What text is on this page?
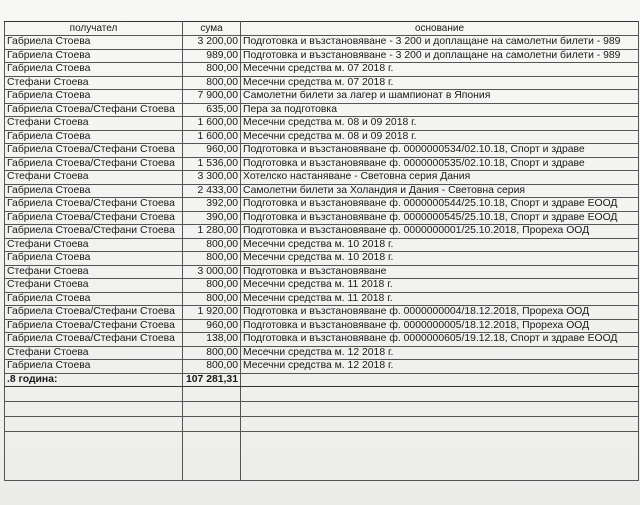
получател	сума	основание
Габриела Стоева	3 200,00	Подготовка и възстановяване - 3 200 и доплащане на самолетни билети - 989
Габриела Стоева	989,00	Подготовка и възстановяване - 3 200 и доплащане на самолетни билети - 989
Габриела Стоева	800,00	Месечни средства м. 07 2018 г.
Стефани Стоева	800,00	Месечни средства м. 07 2018 г.
Габриела Стоева	7 900,00	Самолетни билети за лагер и шампионат в Япония
Габриела Стоева/Стефани Стоева	635,00	Пера за подготовка
Стефани Стоева	1 600,00	Месечни средства м. 08 и 09 2018 г.
Габриела Стоева	1 600,00	Месечни средства м. 08 и 09 2018 г.
Габриела Стоева/Стефани Стоева	960,00	Подготовка и възстановяване ф. 0000000534/02.10.18, Спорт и здраве
Габриела Стоева/Стефани Стоева	1 536,00	Подготовка и възстановяване ф. 0000000535/02.10.18, Спорт и здраве
Стефани Стоева	3 300,00	Хотелско настаняване - Световна серия Дания
Габриела Стоева	2 433,00	Самолетни билети за Холандия и Дания - Световна серия
Габриела Стоева/Стефани Стоева	392,00	Подготовка и възстановяване ф. 0000000544/25.10.18, Спорт и здраве ЕООД
Габриела Стоева/Стефани Стоева	390,00	Подготовка и възстановяване ф. 0000000545/25.10.18, Спорт и здраве ЕООД
Габриела Стоева/Стефани Стоева	1 280,00	Подготовка и възстановяване ф. 0000000001/25.10.2018, Прореха ООД
Стефани Стоева	800,00	Месечни средства м. 10 2018 г.
Габриела Стоева	800,00	Месечни средства м. 10 2018 г.
Стефани Стоева	3 000,00	Подготовка и възстановяване
Стефани Стоева	800,00	Месечни средства м. 11 2018 г.
Габриела Стоева	800,00	Месечни средства м. 11 2018 г.
Габриела Стоева/Стефани Стоева	1 920,00	Подготовка и възстановяване ф. 0000000004/18.12.2018, Прореха ООД
Габриела Стоева/Стефани Стоева	960,00	Подготовка и възстановяване ф. 0000000005/18.12.2018, Прореха ООД
Габриела Стоева/Стефани Стоева	138,00	Подготовка и възстановяване ф. 0000000605/19.12.18, Спорт и здраве ЕООД
Стефани Стоева	800,00	Месечни средства м. 12 2018 г.
Габриела Стоева	800,00	Месечни средства м. 12 2018 г.
.8 година:	107 281,31	
